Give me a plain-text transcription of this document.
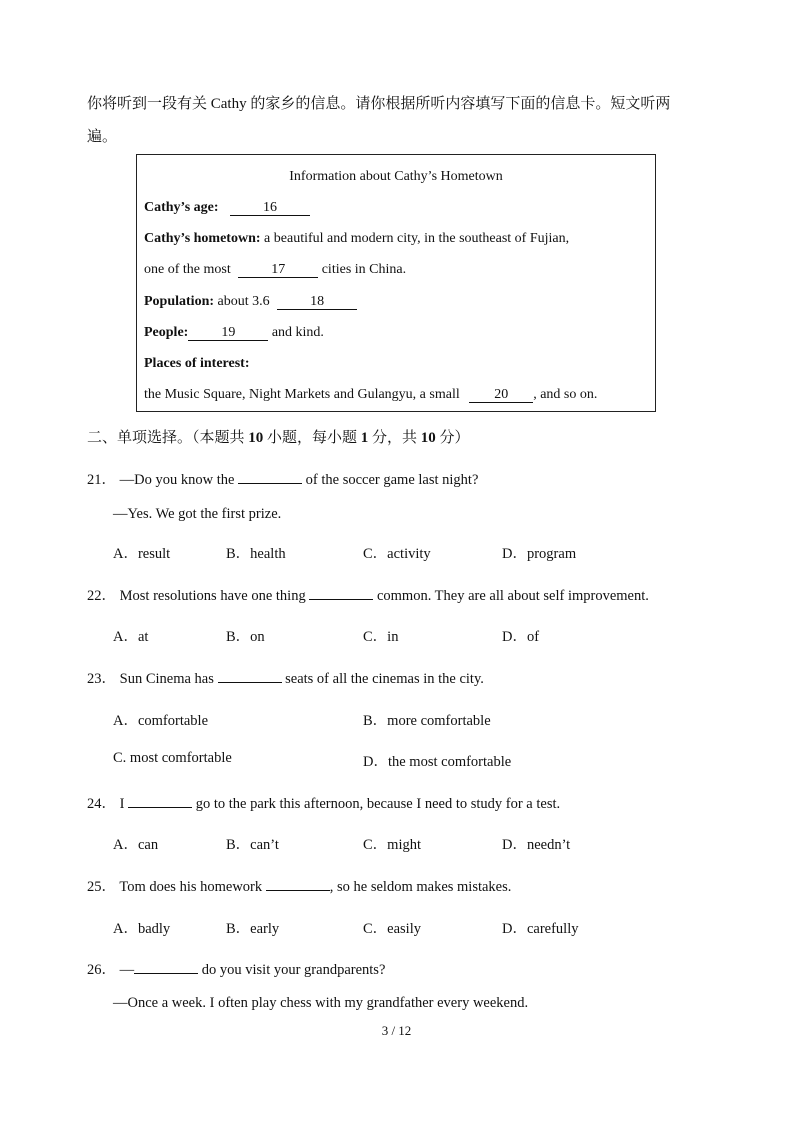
你将听到一段有关 Cathy 的家乡的信息。请你根据所听内容填写下面的信息卡。短文听两
遍。
Information about Cathy’s Hometown
Cathy’s age:	16
Cathy’s hometown: a beautiful and modern city, in the southeast of Fujian,
one of the most	17 cities in China.
Population: about 3.6	18
People: 19 and kind.
Places of interest:
the Music Square, Night Markets and Gulangyu, a small 20 , and so on.
二、单项选择。（本题共 10 小题，每小题 1 分，共 10 分）
21． —Do you know the	of the soccer game last night?
—Yes. We got the first prize.
A．result	B．health	C．activity	D．program
22． Most resolutions have one thing	common. They are all about self improvement.
A．at	B．on	C．in	D．of
23． Sun Cinema has	seats of all the cinemas in the city.
A．comfortable	B．more comfortable
C. most comfortable	D．the most comfortable
24． I	go to the park this afternoon, because I need to study for a test.
A．can	B．can’t	C．might	D．needn’t
25． Tom does his homework	, so he seldom makes mistakes.
A．badly	B．early	C．easily	D．carefully
26． —	do you visit your grandparents?
—Once a week. I often play chess with my grandfather every weekend.
3 / 12
